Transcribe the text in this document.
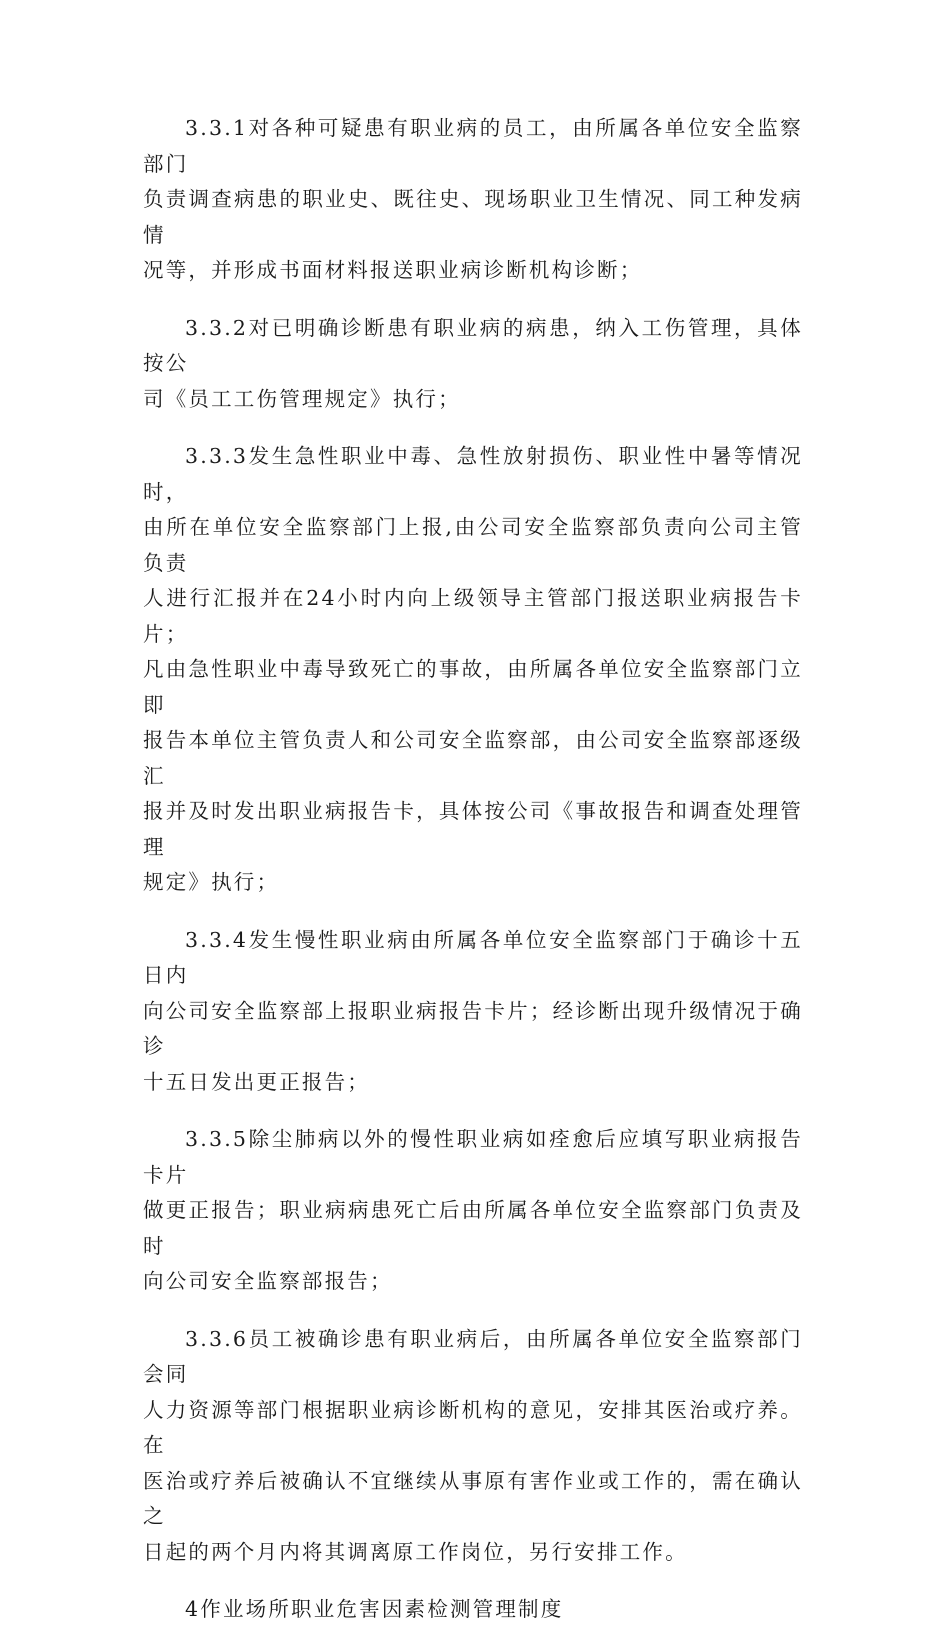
3.3.1对各种可疑患有职业病的员工，由所属各单位安全监察部门
负责调查病患的职业史、既往史、现场职业卫生情况、同工种发病情
况等，并形成书面材料报送职业病诊断机构诊断；

3.3.2对已明确诊断患有职业病的病患，纳入工伤管理，具体按公
司《员工工伤管理规定》执行；

3.3.3发生急性职业中毒、急性放射损伤、职业性中暑等情况时，
由所在单位安全监察部门上报,由公司安全监察部负责向公司主管负责
人进行汇报并在24小时内向上级领导主管部门报送职业病报告卡片；
凡由急性职业中毒导致死亡的事故，由所属各单位安全监察部门立即
报告本单位主管负责人和公司安全监察部，由公司安全监察部逐级汇
报并及时发出职业病报告卡，具体按公司《事故报告和调查处理管理
规定》执行；

3.3.4发生慢性职业病由所属各单位安全监察部门于确诊十五日内
向公司安全监察部上报职业病报告卡片；经诊断出现升级情况于确诊
十五日发出更正报告；

3.3.5除尘肺病以外的慢性职业病如痊愈后应填写职业病报告卡片
做更正报告；职业病病患死亡后由所属各单位安全监察部门负责及时
向公司安全监察部报告；

3.3.6员工被确诊患有职业病后，由所属各单位安全监察部门会同
人力资源等部门根据职业病诊断机构的意见，安排其医治或疗养。在
医治或疗养后被确认不宜继续从事原有害作业或工作的，需在确认之
日起的两个月内将其调离原工作岗位，另行安排工作。

4作业场所职业危害因素检测管理制度
